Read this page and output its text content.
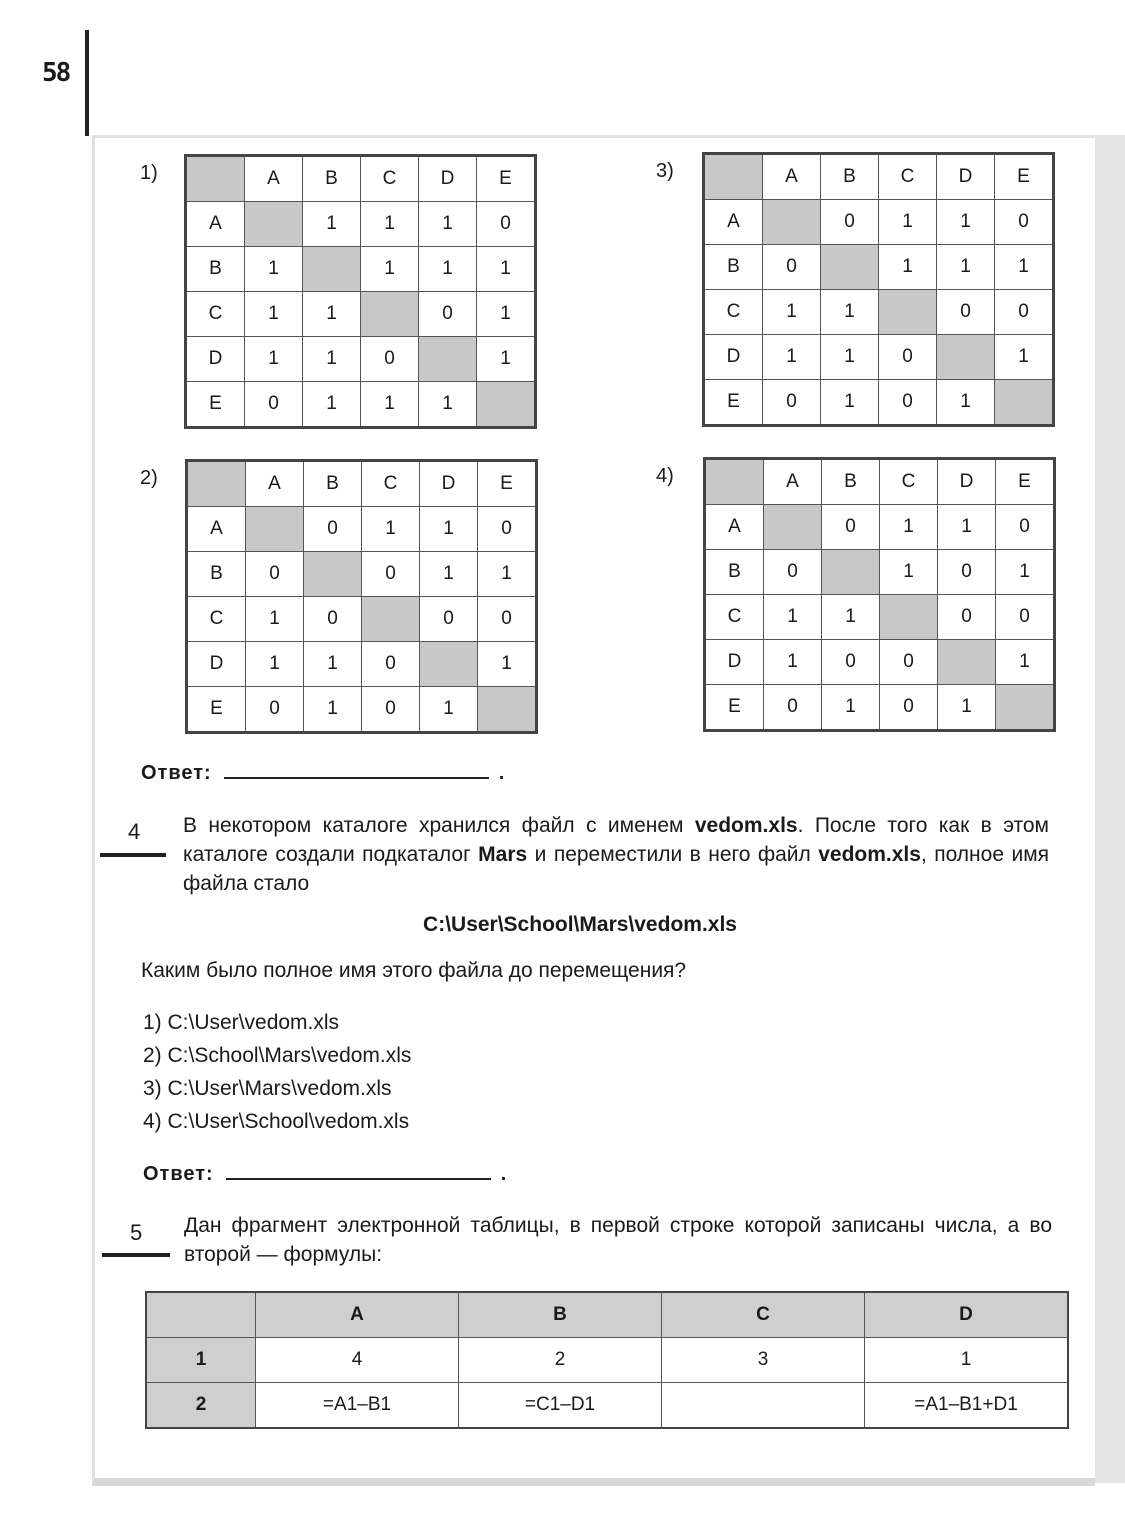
58
1)
2)
3)
4)
	A	B	C	D	E
A		1	1	1	0
B	1		1	1	1
C	1	1		0	1
D	1	1	0		1
E	0	1	1	1	
	A	B	C	D	E
A		0	1	1	0
B	0		0	1	1
C	1	0		0	0
D	1	1	0		1
E	0	1	0	1	
	A	B	C	D	E
A		0	1	1	0
B	0		1	1	1
C	1	1		0	0
D	1	1	0		1
E	0	1	0	1	
	A	B	C	D	E
A		0	1	1	0
B	0		1	0	1
C	1	1		0	0
D	1	0	0		1
E	0	1	0	1	
Ответ:	.
4 В некотором каталоге хранился файл с именем vedom.xls. После того как в этом каталоге создали подкаталог Mars и переместили в него файл vedom.xls, полное имя файла стало
C:\User\School\Mars\vedom.xls
Каким было полное имя этого файла до перемещения?
1) C:\User\vedom.xls
2) C:\School\Mars\vedom.xls
3) C:\User\Mars\vedom.xls
4) C:\User\School\vedom.xls
Ответ:	.
5 Дан фрагмент электронной таблицы, в первой строке которой записаны числа, а во второй — формулы:
	A	B	C	D
1	4	2	3	1
2	=A1–B1	=C1–D1		=A1–B1+D1
